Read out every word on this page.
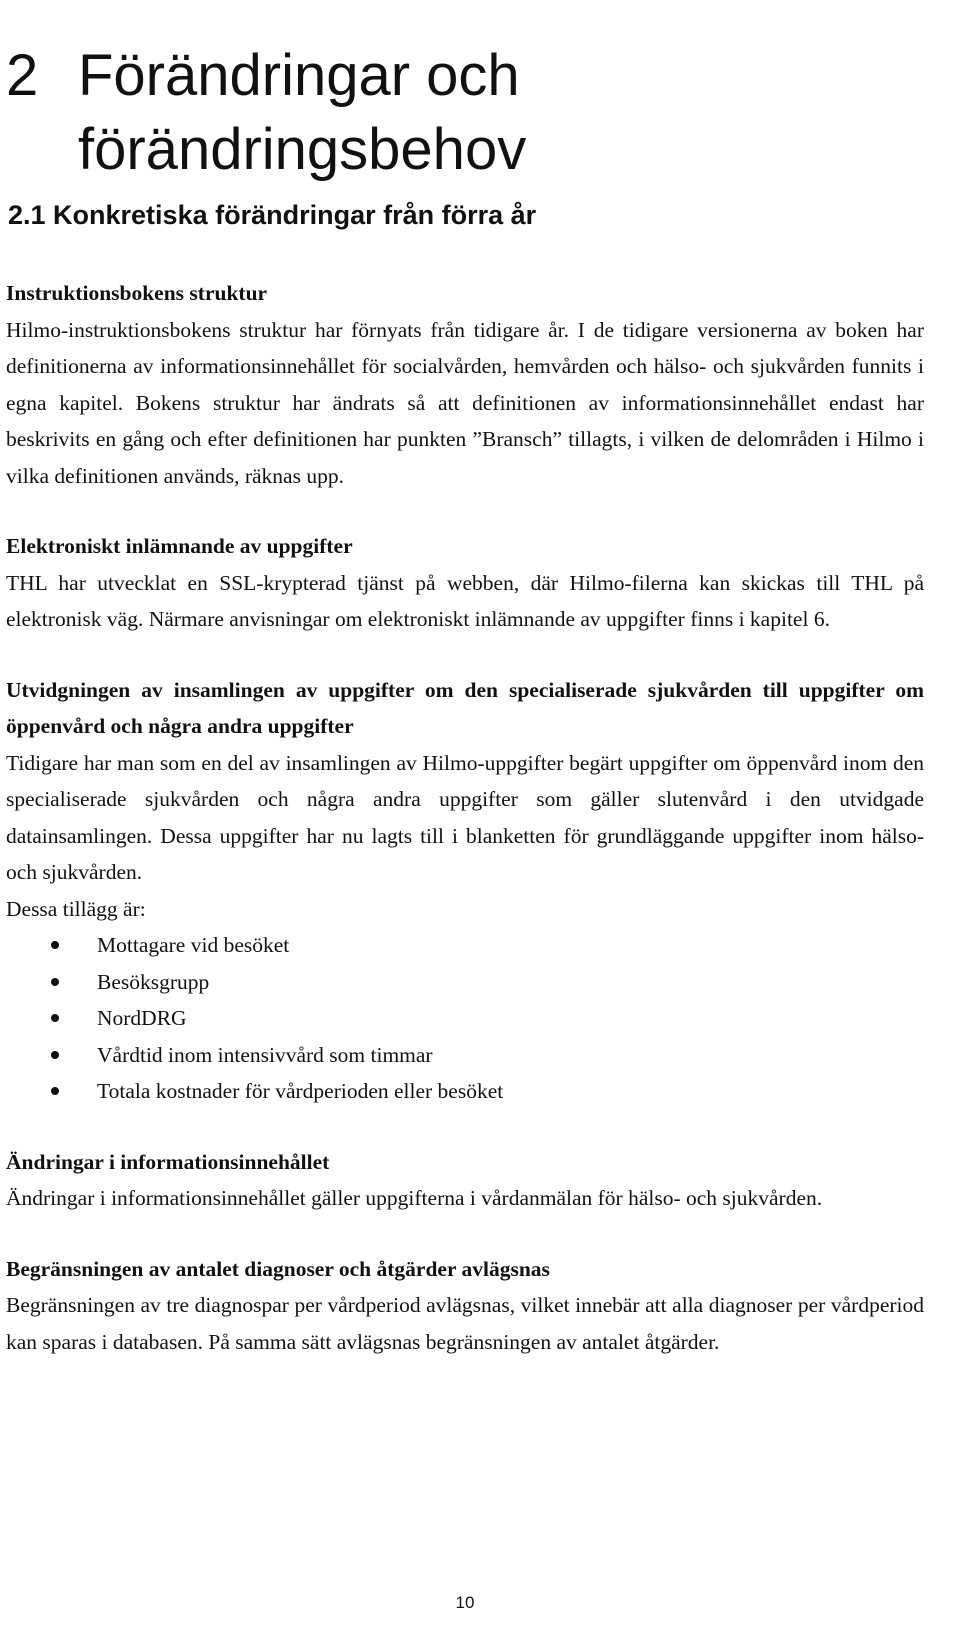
2 Förändringar och
förändringsbehov
2.1 Konkretiska förändringar från förra år
Instruktionsbokens struktur

Hilmo-instruktionsbokens struktur har förnyats från tidigare år. I de tidigare versionerna av boken har definitionerna av informationsinnehållet för socialvården, hemvården och hälso- och sjukvården funnits i egna kapitel. Bokens struktur har ändrats så att definitionen av informationsinnehållet endast har beskrivits en gång och efter definitionen har punkten ”Bransch” tillagts, i vilken de delområden i Hilmo i vilka definitionen används, räknas upp.

Elektroniskt inlämnande av uppgifter

THL har utvecklat en SSL-krypterad tjänst på webben, där Hilmo-filerna kan skickas till THL på elektronisk väg. Närmare anvisningar om elektroniskt inlämnande av uppgifter finns i kapitel 6.

Utvidgningen av insamlingen av uppgifter om den specialiserade sjukvården till uppgifter om öppenvård och några andra uppgifter

Tidigare har man som en del av insamlingen av Hilmo-uppgifter begärt uppgifter om öppenvård inom den specialiserade sjukvården och några andra uppgifter som gäller slutenvård i den utvidgade datainsamlingen. Dessa uppgifter har nu lagts till i blanketten för grundläggande uppgifter inom hälso- och sjukvården.

Dessa tillägg är:

Mottagare vid besöket
Besöksgrupp
NordDRG
Vårdtid inom intensivvård som timmar
Totala kostnader för vårdperioden eller besöket
Ändringar i informationsinnehållet

Ändringar i informationsinnehållet gäller uppgifterna i vårdanmälan för hälso- och sjukvården.

Begränsningen av antalet diagnoser och åtgärder avlägsnas

Begränsningen av tre diagnospar per vårdperiod avlägsnas, vilket innebär att alla diagnoser per vårdperiod kan sparas i databasen. På samma sätt avlägsnas begränsningen av antalet åtgärder.

10
